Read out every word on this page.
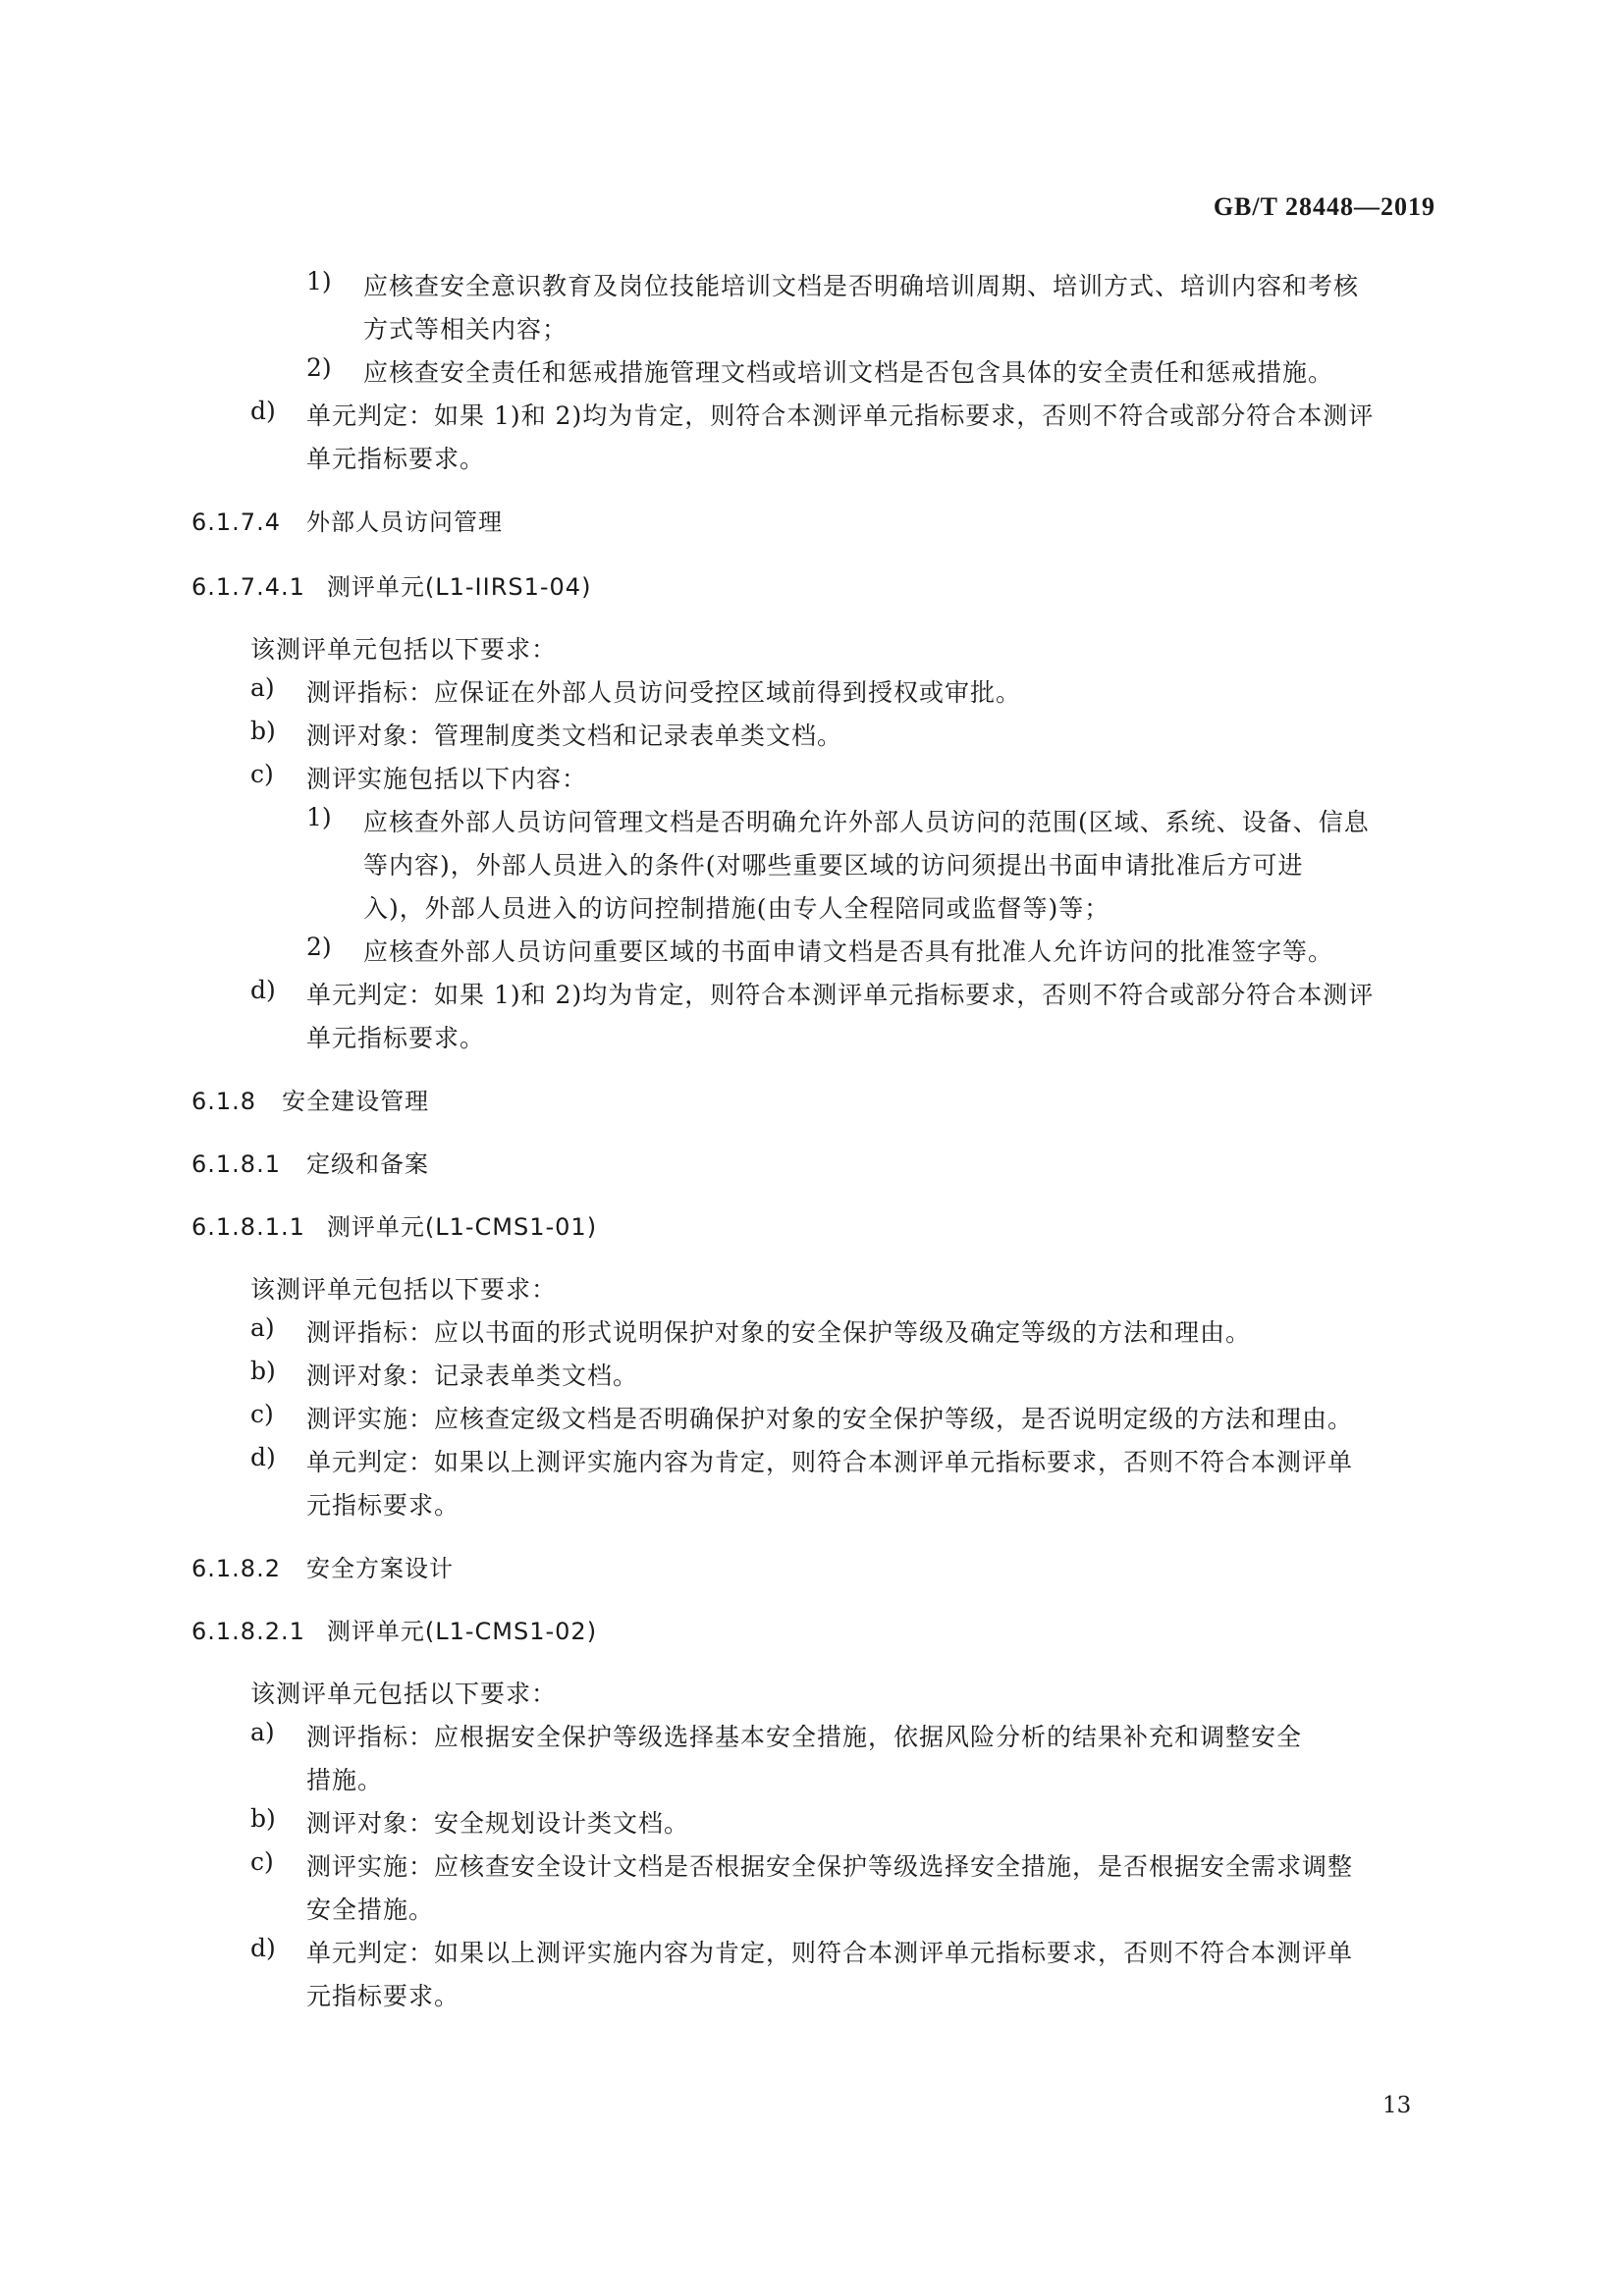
GB/T 28448—2019
1) 应核查安全意识教育及岗位技能培训文档是否明确培训周期、培训方式、培训内容和考核
方式等相关内容；
2) 应核查安全责任和惩戒措施管理文档或培训文档是否包含具体的安全责任和惩戒措施。
d) 单元判定：如果 1)和 2)均为肯定，则符合本测评单元指标要求，否则不符合或部分符合本测评
单元指标要求。
6.1.7.4 外部人员访问管理
6.1.7.4.1 测评单元(L1-IIRS1-04)
该测评单元包括以下要求：
a) 测评指标：应保证在外部人员访问受控区域前得到授权或审批。
b) 测评对象：管理制度类文档和记录表单类文档。
c) 测评实施包括以下内容：
1) 应核查外部人员访问管理文档是否明确允许外部人员访问的范围(区域、系统、设备、信息
等内容)，外部人员进入的条件(对哪些重要区域的访问须提出书面申请批准后方可进
入)，外部人员进入的访问控制措施(由专人全程陪同或监督等)等；
2) 应核查外部人员访问重要区域的书面申请文档是否具有批准人允许访问的批准签字等。
d) 单元判定：如果 1)和 2)均为肯定，则符合本测评单元指标要求，否则不符合或部分符合本测评
单元指标要求。
6.1.8 安全建设管理
6.1.8.1 定级和备案
6.1.8.1.1 测评单元(L1-CMS1-01)
该测评单元包括以下要求：
a) 测评指标：应以书面的形式说明保护对象的安全保护等级及确定等级的方法和理由。
b) 测评对象：记录表单类文档。
c) 测评实施：应核查定级文档是否明确保护对象的安全保护等级，是否说明定级的方法和理由。
d) 单元判定：如果以上测评实施内容为肯定，则符合本测评单元指标要求，否则不符合本测评单
元指标要求。
6.1.8.2 安全方案设计
6.1.8.2.1 测评单元(L1-CMS1-02)
该测评单元包括以下要求：
a) 测评指标：应根据安全保护等级选择基本安全措施，依据风险分析的结果补充和调整安全
措施。
b) 测评对象：安全规划设计类文档。
c) 测评实施：应核查安全设计文档是否根据安全保护等级选择安全措施，是否根据安全需求调整
安全措施。
d) 单元判定：如果以上测评实施内容为肯定，则符合本测评单元指标要求，否则不符合本测评单
元指标要求。
13
